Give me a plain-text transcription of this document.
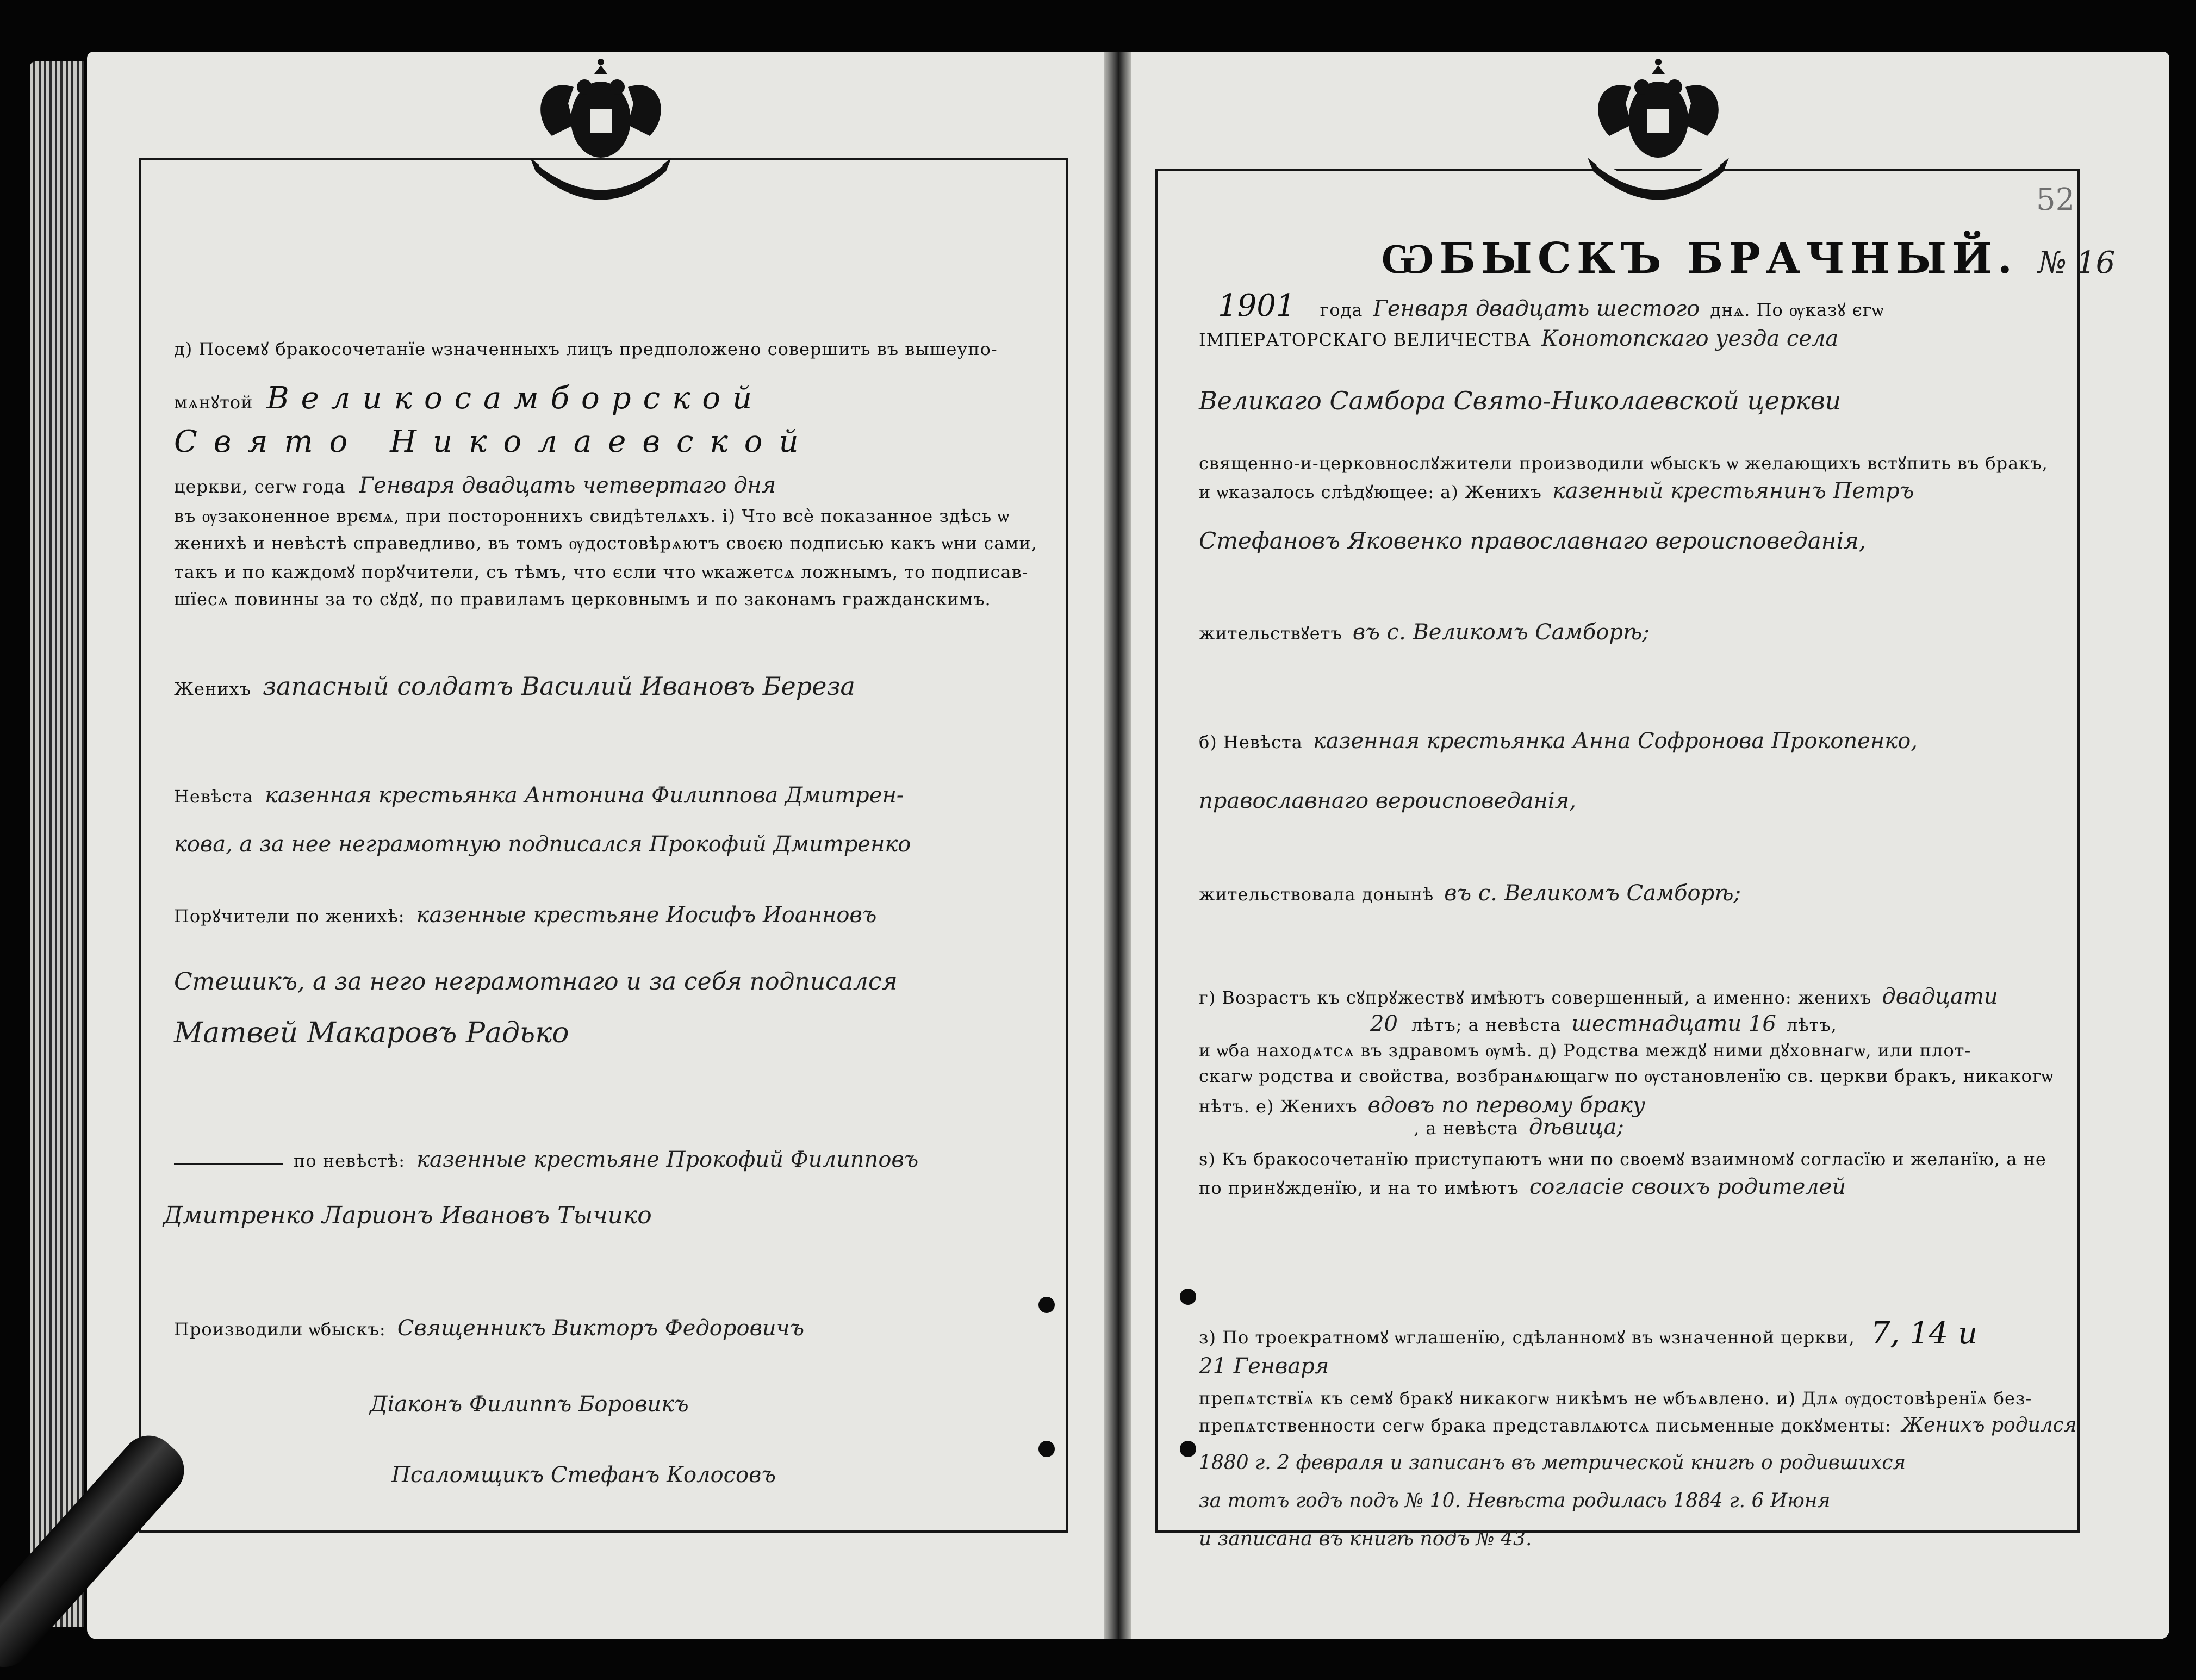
ѠБЫСКЪ БРАЧНЫЙ. № 16
52
д) Посемꙋ бракосочетанїе ѡзначенныхъ лицъ предположено совершить въ вышеупо-
мѧнꙋтой Великосамборской
Свято Николаевской
церкви, сегѡ года Генваря двадцать четвертаго дня
въ ѹзаконенное врємѧ, при постороннихъ свидѣтелѧхъ. і) Что всѐ показанное здѣсь ѡ
женихѣ и невѣстѣ справедливо, въ томъ ѹдостовѣрѧютъ своєю подписью какъ ѡни сами,
такъ и по каждомꙋ порꙋчители, съ тѣмъ, что єсли что ѡкажетсѧ ложнымъ, то подписав-
шїесѧ повинны за то сꙋдꙋ, по правиламъ церковнымъ и по законамъ гражданскимъ.
Женихъ запасный солдатъ Василий Ивановъ Береза
Невѣста казенная крестьянка Антонина Филиппова Дмитрен-
кова, а за нее неграмотную подписался Прокофий Дмитренко
Порꙋчители по женихѣ: казенные крестьяне Иосифъ Иоанновъ
Стешикъ, а за него неграмотнаго и за себя подписался
Матвей Макаровъ Радько
по невѣстѣ: казенные крестьяне Прокофий Филипповъ
Дмитренко Ларионъ Ивановъ Тычико
Производили ѡбыскъ: Священникъ Викторъ Федоровичъ
Діаконъ Филиппъ Боровикъ
Псаломщикъ Стефанъ Колосовъ
1901 года Генваря двадцать шестого днѧ. По ѹказꙋ єгѡ
ІМПЕРАТОРСКАГО ВЕЛИЧЕСТВА Конотопскаго уезда села
Великаго Самбора Свято-Николаевской церкви
священно-и-церковнослꙋжители производили ѡбыскъ ѡ желающихъ встꙋпить въ бракъ,
и ѡказалось слѣдꙋющее: а) Женихъ казенный крестьянинъ Петръ
Стефановъ Яковенко православнаго вероисповеданія,
жительствꙋетъ въ с. Великомъ Самборѣ;
б) Невѣста казенная крестьянка Анна Софронова Прокопенко,
православнаго вероисповеданія,
жительствовала донынѣ въ с. Великомъ Самборѣ;
г) Возрастъ къ сꙋпрꙋжествꙋ имѣютъ совершенный, а именно: женихъ двадцати
20 лѣтъ; а невѣста шестнадцати 16 лѣтъ,
и ѡба находѧтсѧ въ здравомъ ѹмѣ. д) Родства междꙋ ними дꙋховнагѡ, или плот-
скагѡ родства и свойства, возбранѧющагѡ по ѹстановленїю св. церкви бракъ, никакогѡ
нѣтъ. е) Женихъ вдовъ по первому браку
, а невѣста дѣвица;
ѕ) Къ бракосочетанїю приступаютъ ѡни по своемꙋ взаимномꙋ согласїю и желанїю, а не
по принꙋжденїю, и на то имѣютъ согласіе своихъ родителей
з) По троекратномꙋ ѡглашенїю, сдѣланномꙋ въ ѡзначенной церкви, 7, 14 и
21 Генваря
препѧтствїѧ къ семꙋ бракꙋ никакогѡ никѣмъ не ѡбъѧвлено. и) Длѧ ѹдостовѣренїѧ без-
препѧтственности сегѡ брака представлѧютсѧ письменные докꙋменты: Женихъ родился
1880 г. 2 февраля и записанъ въ метрической книгѣ о родившихся
за тотъ годъ подъ № 10. Невѣста родилась 1884 г. 6 Июня
и записана въ книгѣ подъ № 43.
